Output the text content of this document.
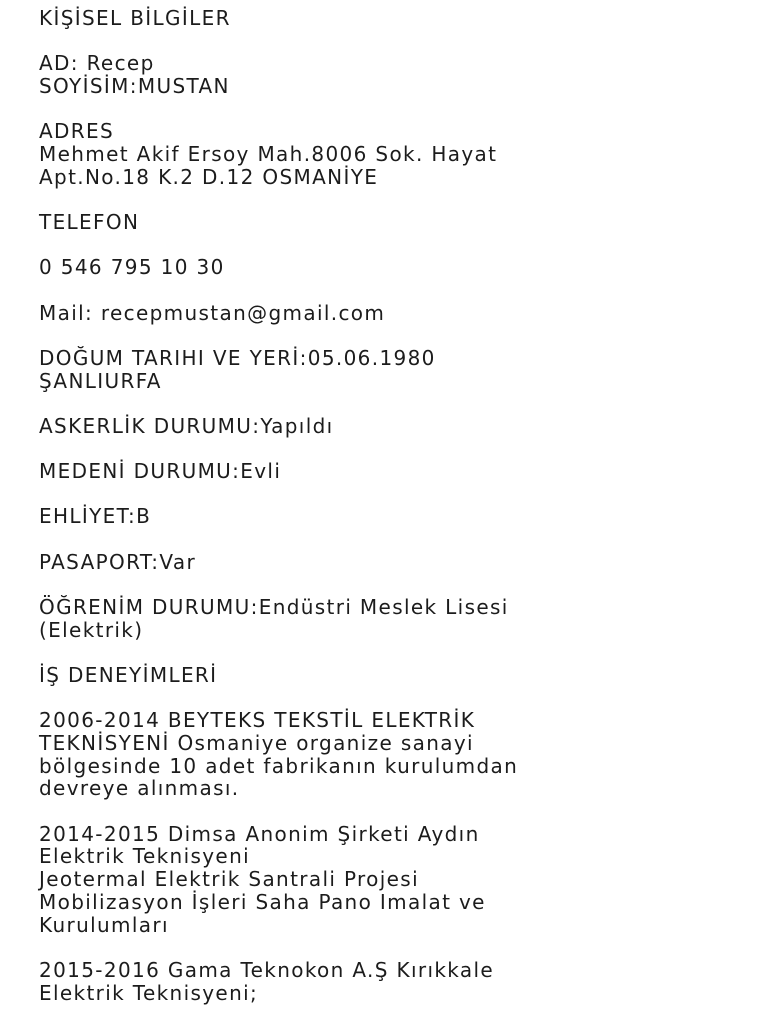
KİŞİSEL BİLGİLER

AD: Recep
SOYİSİM:MUSTAN

ADRES
Mehmet Akif Ersoy Mah.8006 Sok. Hayat
Apt.No.18 K.2 D.12 OSMANİYE

TELEFON

0 546 795 10 30

Mail: recepmustan@gmail.com

DOĞUM TARIHI VE YERİ:05.06.1980
ŞANLIURFA

ASKERLİK DURUMU:Yapıldı

MEDENİ DURUMU:Evli

EHLİYET:B

PASAPORT:Var

ÖĞRENİM DURUMU:Endüstri Meslek Lisesi
(Elektrik)

İŞ DENEYİMLERİ

2006-2014 BEYTEKS TEKSTİL ELEKTRİK
TEKNİSYENİ Osmaniye organize sanayi
bölgesinde 10 adet fabrikanın kurulumdan
devreye alınması.

2014-2015 Dimsa Anonim Şirketi Aydın
Elektrik Teknisyeni
Jeotermal Elektrik Santrali Projesi
Mobilizasyon İşleri Saha Pano Imalat ve
Kurulumları

2015-2016 Gama Teknokon A.Ş Kırıkkale
Elektrik Teknisyeni;
